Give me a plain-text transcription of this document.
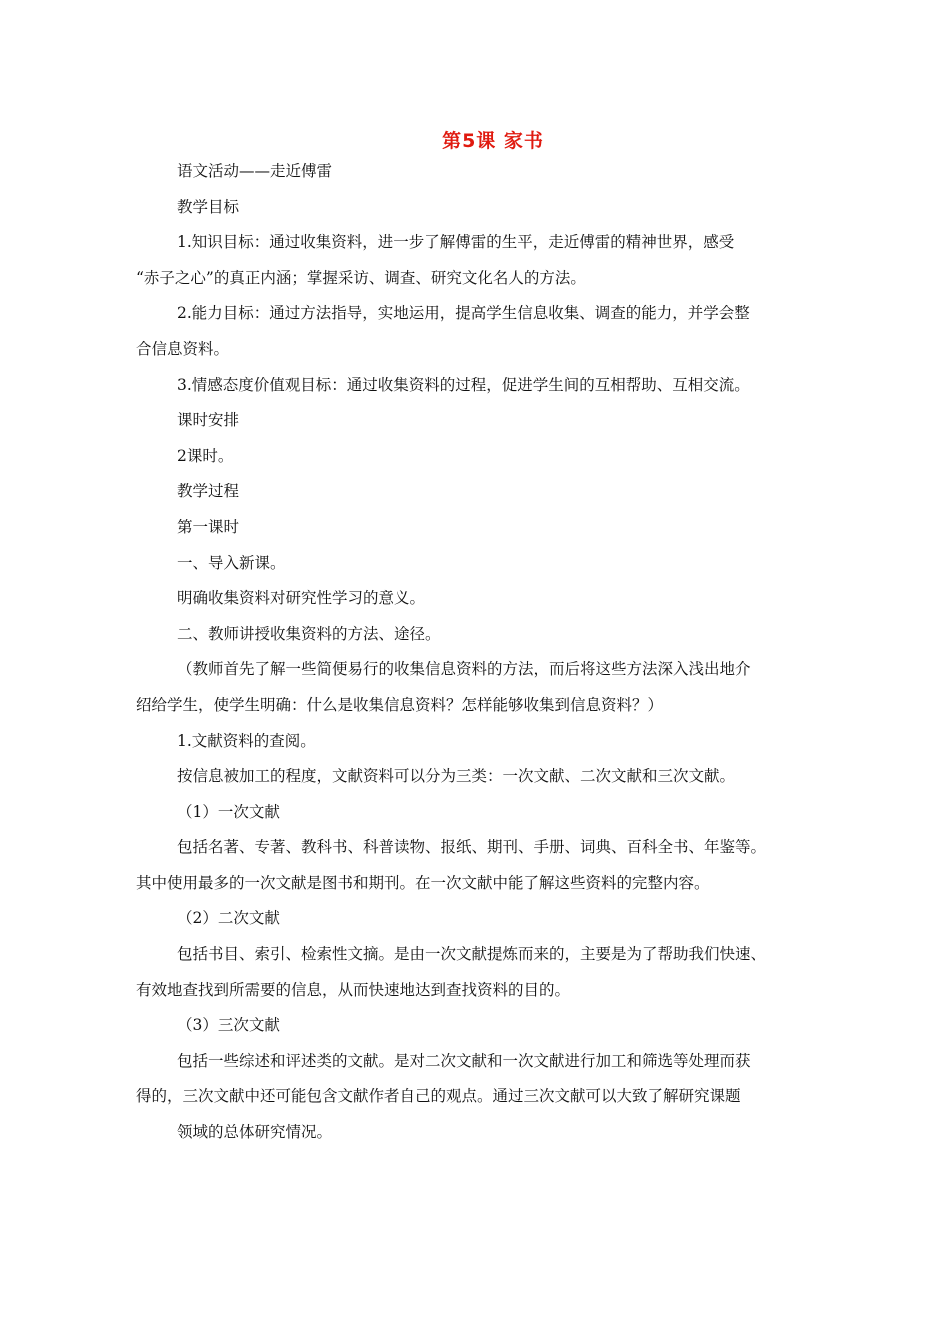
第5课 家书

语文活动——走近傅雷

教学目标

1.知识目标：通过收集资料，进一步了解傅雷的生平，走近傅雷的精神世界，感受

“赤子之心”的真正内涵；掌握采访、调查、研究文化名人的方法。

2.能力目标：通过方法指导，实地运用，提高学生信息收集、调查的能力，并学会整

合信息资料。

3.情感态度价值观目标：通过收集资料的过程，促进学生间的互相帮助、互相交流。

课时安排

2课时。

教学过程

第一课时

一、导入新课。

明确收集资料对研究性学习的意义。

二、教师讲授收集资料的方法、途径。

（教师首先了解一些简便易行的收集信息资料的方法，而后将这些方法深入浅出地介

绍给学生，使学生明确：什么是收集信息资料？怎样能够收集到信息资料？）

1.文献资料的查阅。

按信息被加工的程度，文献资料可以分为三类：一次文献、二次文献和三次文献。

（1）一次文献

包括名著、专著、教科书、科普读物、报纸、期刊、手册、词典、百科全书、年鉴等。

其中使用最多的一次文献是图书和期刊。在一次文献中能了解这些资料的完整内容。

（2）二次文献

包括书目、索引、检索性文摘。是由一次文献提炼而来的，主要是为了帮助我们快速、

有效地查找到所需要的信息，从而快速地达到查找资料的目的。

（3）三次文献

包括一些综述和评述类的文献。是对二次文献和一次文献进行加工和筛选等处理而获

得的，三次文献中还可能包含文献作者自己的观点。通过三次文献可以大致了解研究课题

领域的总体研究情况。
